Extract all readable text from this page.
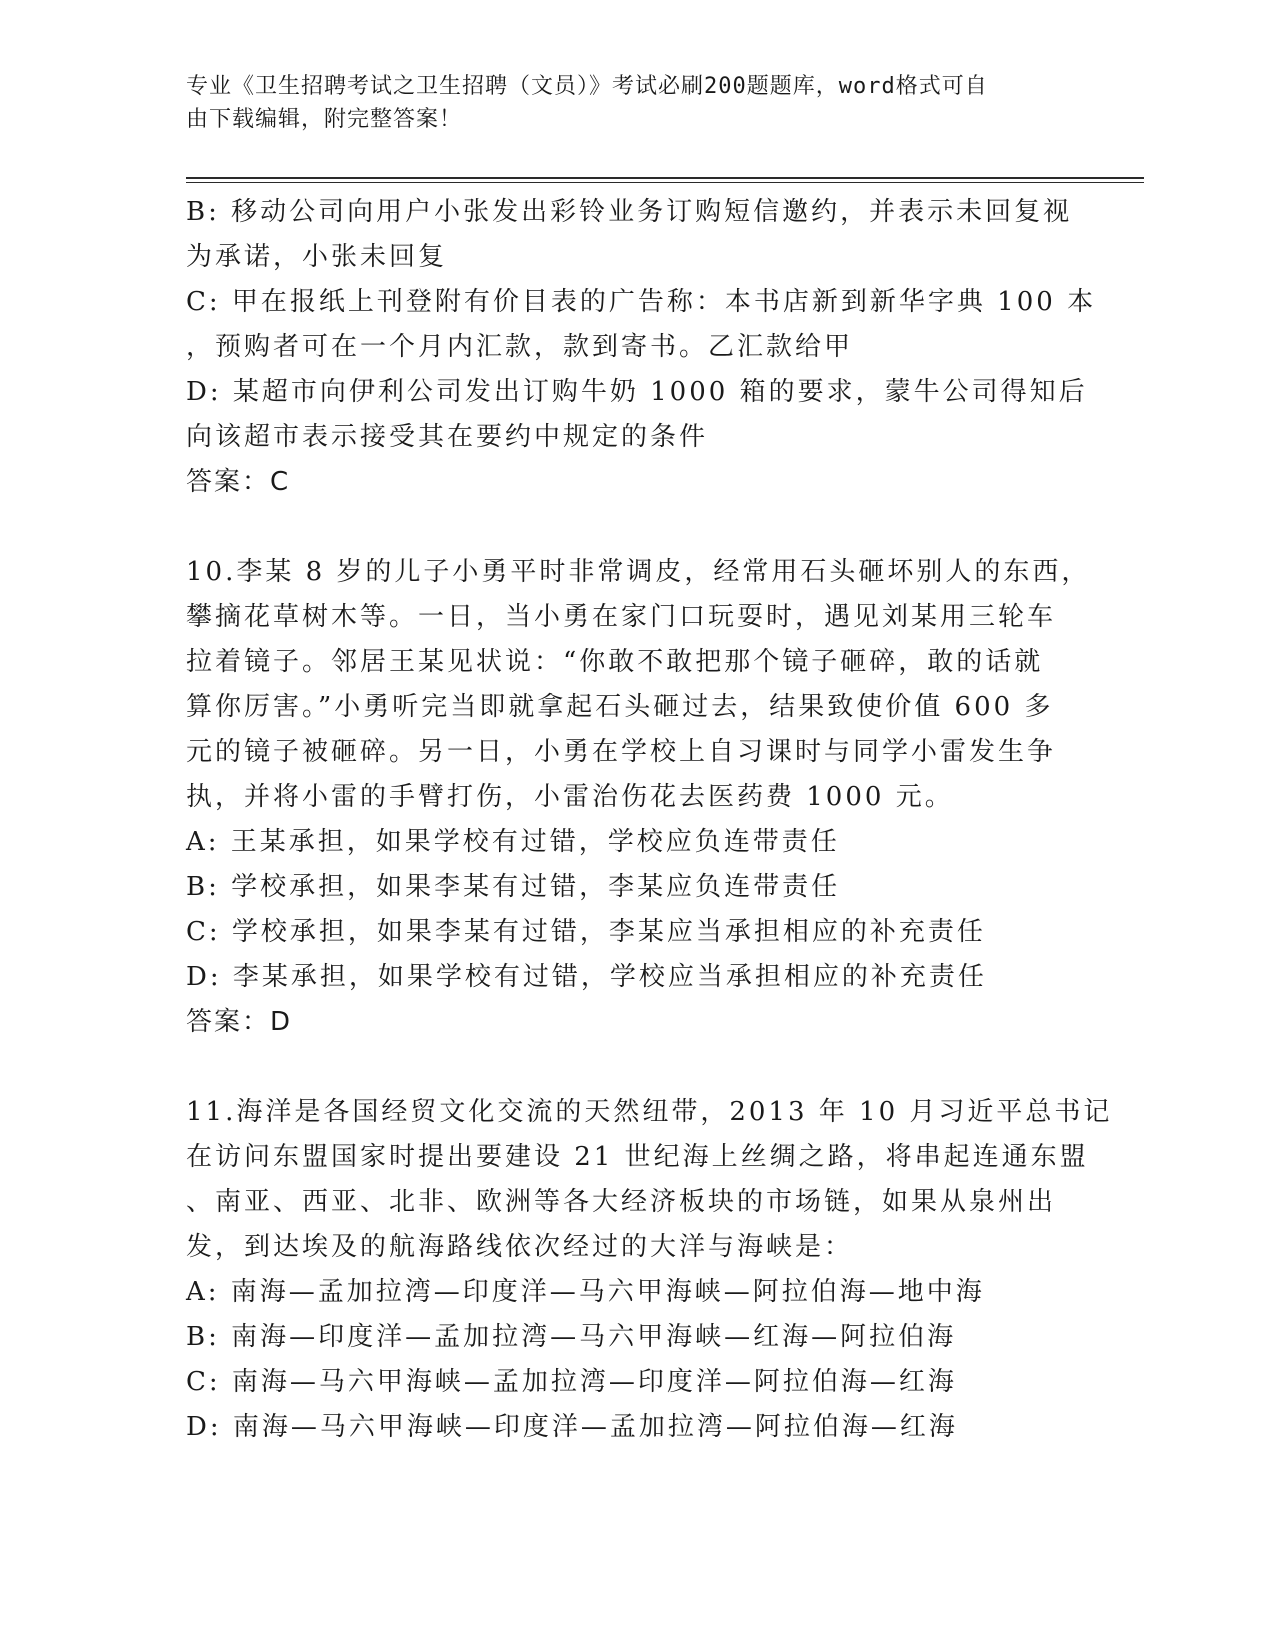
专业《卫生招聘考试之卫生招聘（文员）》考试必刷200题题库，word格式可自
由下载编辑，附完整答案！
B: 移动公司向用户小张发出彩铃业务订购短信邀约，并表示未回复视
为承诺，小张未回复
C: 甲在报纸上刊登附有价目表的广告称：本书店新到新华字典 100 本
，预购者可在一个月内汇款，款到寄书。乙汇款给甲
D: 某超市向伊利公司发出订购牛奶 1000 箱的要求，蒙牛公司得知后
向该超市表示接受其在要约中规定的条件
答案：C
10.李某 8 岁的儿子小勇平时非常调皮，经常用石头砸坏别人的东西，
攀摘花草树木等。一日，当小勇在家门口玩耍时，遇见刘某用三轮车
拉着镜子。邻居王某见状说：“你敢不敢把那个镜子砸碎，敢的话就
算你厉害。”小勇听完当即就拿起石头砸过去，结果致使价值 600 多
元的镜子被砸碎。另一日，小勇在学校上自习课时与同学小雷发生争
执，并将小雷的手臂打伤，小雷治伤花去医药费 1000 元。
A: 王某承担，如果学校有过错，学校应负连带责任
B: 学校承担，如果李某有过错，李某应负连带责任
C: 学校承担，如果李某有过错，李某应当承担相应的补充责任
D: 李某承担，如果学校有过错，学校应当承担相应的补充责任
答案：D
11.海洋是各国经贸文化交流的天然纽带，2013 年 10 月习近平总书记
在访问东盟国家时提出要建设 21 世纪海上丝绸之路，将串起连通东盟
、南亚、西亚、北非、欧洲等各大经济板块的市场链，如果从泉州出
发，到达埃及的航海路线依次经过的大洋与海峡是：
A: 南海—孟加拉湾—印度洋—马六甲海峡—阿拉伯海—地中海
B: 南海—印度洋—孟加拉湾—马六甲海峡—红海—阿拉伯海
C: 南海—马六甲海峡—孟加拉湾—印度洋—阿拉伯海—红海
D: 南海—马六甲海峡—印度洋—孟加拉湾—阿拉伯海—红海
